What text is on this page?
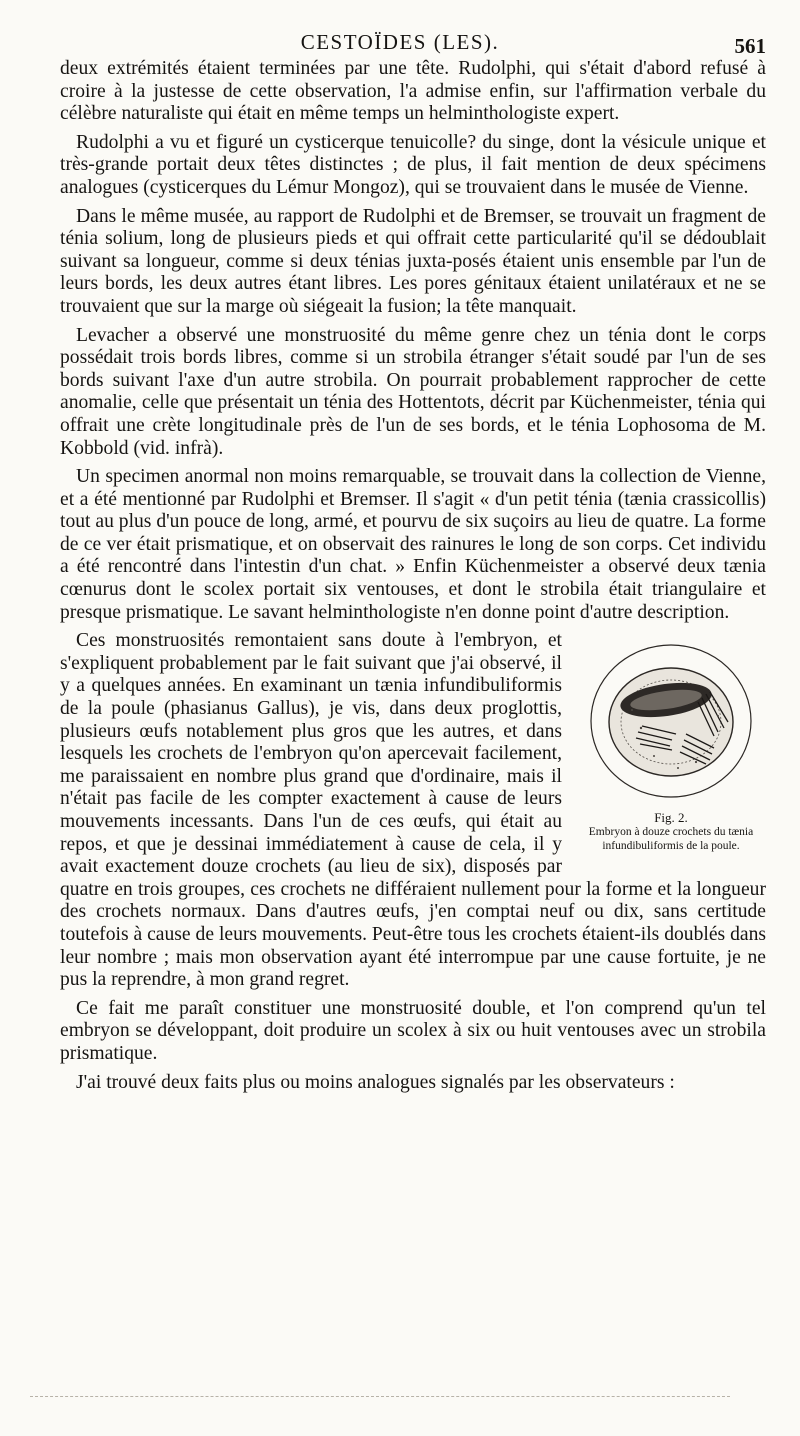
CESTOÏDES (LES).	561

deux extrémités étaient terminées par une tête. Rudolphi, qui s'était d'abord refusé à croire à la justesse de cette observation, l'a admise enfin, sur l'affirmation verbale du célèbre naturaliste qui était en même temps un helminthologiste expert.

Rudolphi a vu et figuré un cysticerque tenuicolle? du singe, dont la vésicule unique et très-grande portait deux têtes distinctes ; de plus, il fait mention de deux spécimens analogues (cysticerques du Lémur Mongoz), qui se trouvaient dans le musée de Vienne.

Dans le même musée, au rapport de Rudolphi et de Bremser, se trouvait un fragment de ténia solium, long de plusieurs pieds et qui offrait cette particularité qu'il se dédoublait suivant sa longueur, comme si deux ténias juxta-posés étaient unis ensemble par l'un de leurs bords, les deux autres étant libres. Les pores génitaux étaient unilatéraux et ne se trouvaient que sur la marge où siégeait la fusion; la tête manquait.

Levacher a observé une monstruosité du même genre chez un ténia dont le corps possédait trois bords libres, comme si un strobila étranger s'était soudé par l'un de ses bords suivant l'axe d'un autre strobila. On pourrait probablement rapprocher de cette anomalie, celle que présentait un ténia des Hottentots, décrit par Küchenmeister, ténia qui offrait une crète longitudinale près de l'un de ses bords, et le ténia Lophosoma de M. Kobbold (vid. infrà).

Un specimen anormal non moins remarquable, se trouvait dans la collection de Vienne, et a été mentionné par Rudolphi et Bremser. Il s'agit « d'un petit ténia (tænia crassicollis) tout au plus d'un pouce de long, armé, et pourvu de six suçoirs au lieu de quatre. La forme de ce ver était prismatique, et on observait des rainures le long de son corps. Cet individu a été rencontré dans l'intestin d'un chat. » Enfin Küchenmeister a observé deux tænia cœnurus dont le scolex portait six ventouses, et dont le strobila était triangulaire et presque prismatique. Le savant helminthologiste n'en donne point d'autre description.

Fig. 2.
Embryon à douze crochets du tænia infundibuliformis de la poule.

Ces monstruosités remontaient sans doute à l'embryon, et s'expliquent probablement par le fait suivant que j'ai observé, il y a quelques années. En examinant un tænia infundibuliformis de la poule (phasianus Gallus), je vis, dans deux proglottis, plusieurs œufs notablement plus gros que les autres, et dans lesquels les crochets de l'embryon qu'on apercevait facilement, me paraissaient en nombre plus grand que d'ordinaire, mais il n'était pas facile de les compter exactement à cause de leurs mouvements incessants. Dans l'un de ces œufs, qui était au repos, et que je dessinai immédiatement à cause de cela, il y avait exactement douze crochets (au lieu de six), disposés par quatre en trois groupes, ces crochets ne différaient nullement pour la forme et la longueur des crochets normaux. Dans d'autres œufs, j'en comptai neuf ou dix, sans certitude toutefois à cause de leurs mouvements. Peut-être tous les crochets étaient-ils doublés dans leur nombre ; mais mon observation ayant été interrompue par une cause fortuite, je ne pus la reprendre, à mon grand regret.

Ce fait me paraît constituer une monstruosité double, et l'on comprend qu'un tel embryon se développant, doit produire un scolex à six ou huit ventouses avec un strobila prismatique.

J'ai trouvé deux faits plus ou moins analogues signalés par les observateurs :
